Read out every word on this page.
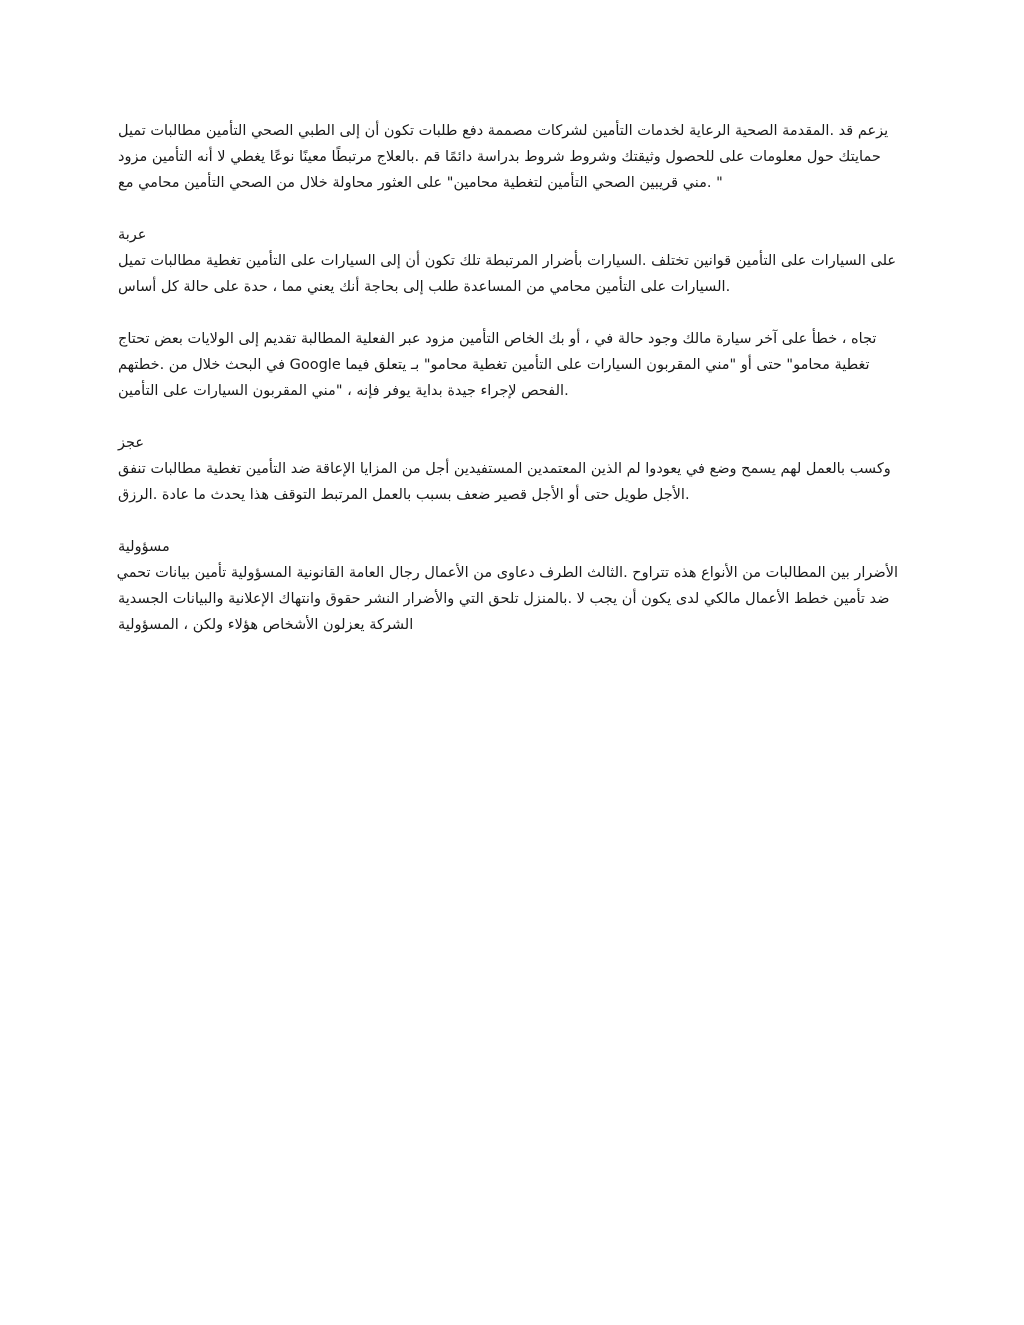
يزعم قد .المقدمة الصحية الرعاية لخدمات التأمين لشركات مصممة دفع طلبات تكون أن إلى الطبي الصحي التأمين مطالبات تميل
حمايتك حول معلومات على للحصول وثيقتك وشروط شروط بدراسة دائمًا قم .بالعلاج مرتبطًا معينًا نوعًا يغطي لا أنه التأمين مزود
" .مني قريبين الصحي التأمين لتغطية محامين" على العثور محاولة خلال من الصحي التأمين محامي مع

عربة

على السيارات على التأمين قوانين تختلف .السيارات بأضرار المرتبطة تلك تكون أن إلى السيارات على التأمين تغطية مطالبات تميل
.السيارات على التأمين محامي من المساعدة طلب إلى بحاجة أنك يعني مما ، حدة على حالة كل أساس

تجاه ، خطأ على آخر سيارة مالك وجود حالة في ، أو بك الخاص التأمين مزود عبر الفعلية المطالبة تقديم إلى الولايات بعض تحتاج
تغطية محامو" حتى أو "مني المقربون السيارات على التأمين تغطية محامو" بـ يتعلق فيما Google في البحث خلال من .خطتهم
.الفحص لإجراء جيدة بداية يوفر فإنه ، "مني المقربون السيارات على التأمين

عجز

وكسب بالعمل لهم يسمح وضع في يعودوا لم الذين المعتمدين المستفيدين أجل من المزايا الإعاقة ضد التأمين تغطية مطالبات تنفق
.الأجل طويل حتى أو الأجل قصير ضعف بسبب بالعمل المرتبط التوقف هذا يحدث ما عادة .الرزق

مسؤولية

الأضرار بين المطالبات من الأنواع هذه تتراوح .الثالث الطرف دعاوى من الأعمال رجال العامة القانونية المسؤولية تأمين بيانات تحمي
ضد تأمين خطط الأعمال مالكي لدى يكون أن يجب لا .بالمنزل تلحق التي والأضرار النشر حقوق وانتهاك الإعلانية والبيانات الجسدية
الشركة يعزلون الأشخاص هؤلاء ولكن ، المسؤولية
